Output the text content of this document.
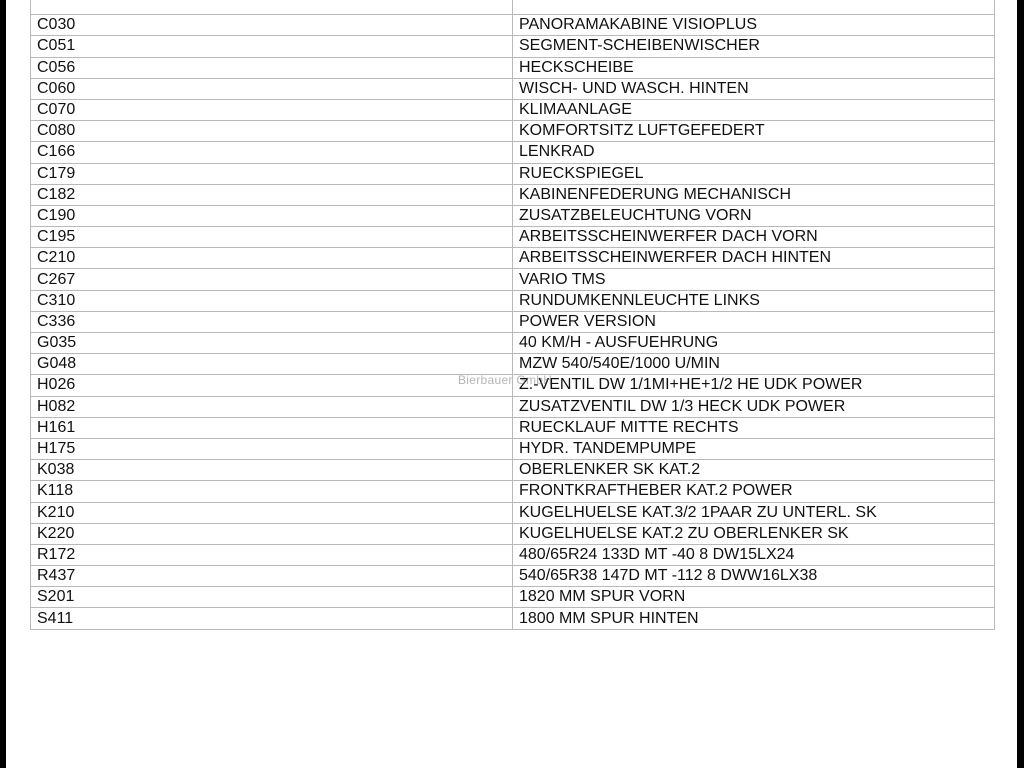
C030	PANORAMAKABINE VISIOPLUS
C051	SEGMENT-SCHEIBENWISCHER
C056	HECKSCHEIBE
C060	WISCH- UND WASCH. HINTEN
C070	KLIMAANLAGE
C080	KOMFORTSITZ LUFTGEFEDERT
C166	LENKRAD
C179	RUECKSPIEGEL
C182	KABINENFEDERUNG MECHANISCH
C190	ZUSATZBELEUCHTUNG VORN
C195	ARBEITSSCHEINWERFER DACH VORN
C210	ARBEITSSCHEINWERFER DACH HINTEN
C267	VARIO TMS
C310	RUNDUMKENNLEUCHTE LINKS
C336	POWER VERSION
G035	40 KM/H - AUSFUEHRUNG
G048	MZW 540/540E/1000 U/MIN
H026	Z.-VENTIL DW 1/1MI+HE+1/2 HE UDK POWER
H082	ZUSATZVENTIL DW 1/3 HECK UDK POWER
H161	RUECKLAUF MITTE RECHTS
H175	HYDR. TANDEMPUMPE
K038	OBERLENKER SK KAT.2
K118	FRONTKRAFTHEBER KAT.2 POWER
K210	KUGELHUELSE KAT.3/2 1PAAR ZU UNTERL. SK
K220	KUGELHUELSE KAT.2 ZU OBERLENKER SK
R172	480/65R24 133D MT -40 8 DW15LX24
R437	540/65R38 147D MT -112 8 DWW16LX38
S201	1820 MM SPUR VORN
S411	1800 MM SPUR HINTEN
Bierbauer GmbH
